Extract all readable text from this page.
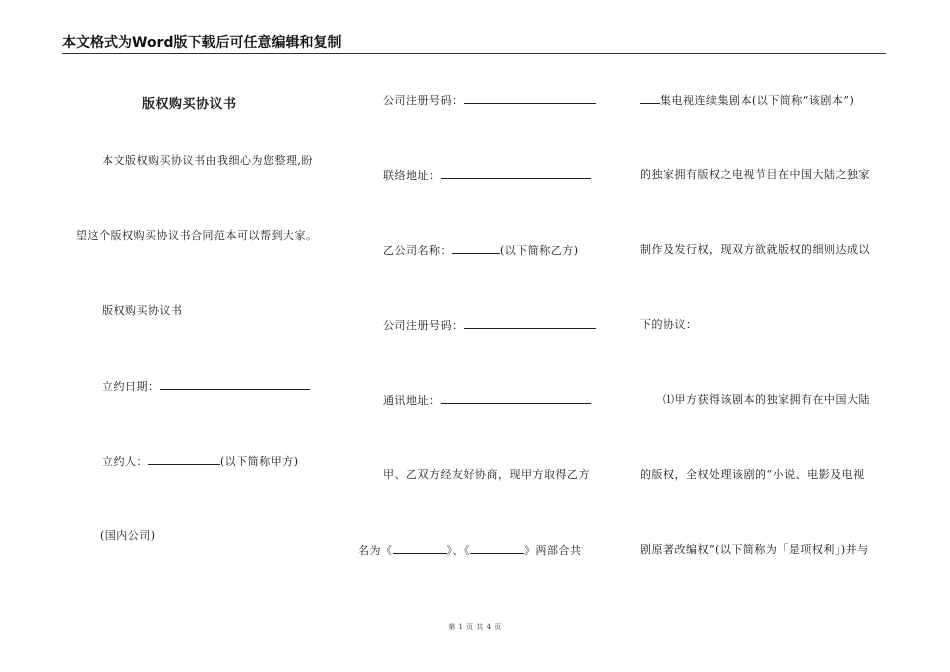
本文格式为Word版下载后可任意编辑和复制
版权购买协议书
本文版权购买协议书由我细心为您整理,盼
望这个版权购买协议书合同范本可以帮到大家。
版权购买协议书
立约日期：
立约人：	(以下简称甲方)
(国内公司)
公司注册号码：
联络地址：
乙公司名称：	(以下简称乙方)
公司注册号码：
通讯地址：
甲、乙双方经友好协商，现甲方取得乙方
名为《	》、《	》两部合共
集电视连续集剧本(以下简称“该剧本”)
的独家拥有版权之电视节目在中国大陆之独家
制作及发行权，现双方欲就版权的细则达成以
下的协议：
⑴甲方获得该剧本的独家拥有在中国大陆
的版权，全权处理该剧的“小说、电影及电视
剧原著改编权”(以下简称为「是项权利」)并与
第 1 页 共 4 页
